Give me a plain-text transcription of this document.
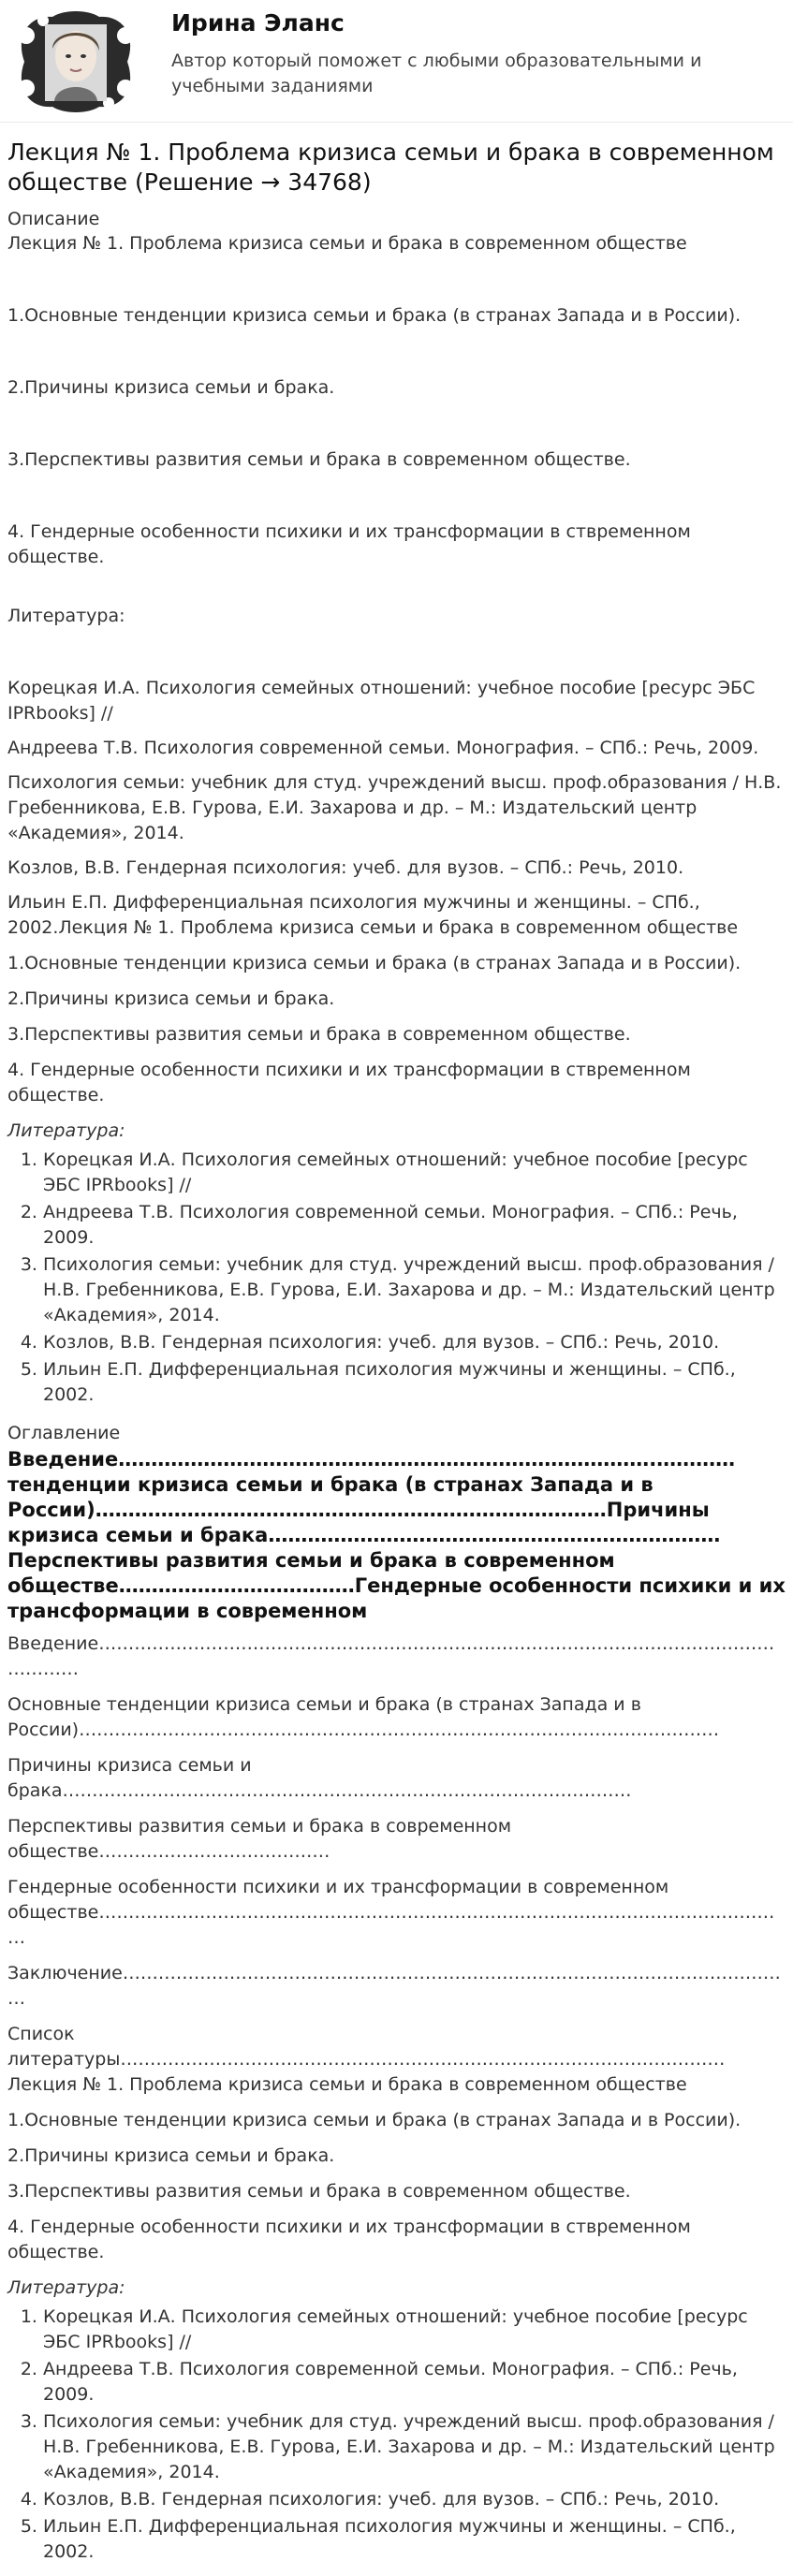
Ирина Эланс
Автор который поможет с любыми образовательными и учебными заданиями
Лекция № 1. Проблема кризиса семьи и брака в современном обществе (Решение → 34768)
Описание

Лекция № 1. Проблема кризиса семьи и брака в современном обществе

1.Основные тенденции кризиса семьи и брака (в странах Запада и в России).

2.Причины кризиса семьи и брака.

3.Перспективы развития семьи и брака в современном обществе.

4. Гендерные особенности психики и их трансформации в ствременном обществе.

Литература:

Корецкая И.А. Психология семейных отношений: учебное пособие [ресурс ЭБС IPRbooks] //

Андреева Т.В. Психология современной семьи. Монография. – СПб.: Речь, 2009.

Психология семьи: учебник для студ. учреждений высш. проф.образования / Н.В. Гребенникова, Е.В. Гурова, Е.И. Захарова и др. – М.: Издательский центр «Академия», 2014.

Козлов, В.В. Гендерная психология: учеб. для вузов. – СПб.: Речь, 2010.

Ильин Е.П. Дифференциальная психология мужчины и женщины. – СПб., 2002.Лекция № 1. Проблема кризиса семьи и брака в современном обществе

1.Основные тенденции кризиса семьи и брака (в странах Запада и в России).

2.Причины кризиса семьи и брака.

3.Перспективы развития семьи и брака в современном обществе.

4. Гендерные особенности психики и их трансформации в ствременном обществе.

Литература:
1. Корецкая И.А. Психология семейных отношений: учебное пособие [ресурс ЭБС IPRbooks] //
2. Андреева Т.В. Психология современной семьи. Монография. – СПб.: Речь, 2009.
3. Психология семьи: учебник для студ. учреждений высш. проф.образования / Н.В. Гребенникова, Е.В. Гурова, Е.И. Захарова и др. – М.: Издательский центр «Академия», 2014.
4. Козлов, В.В. Гендерная психология: учеб. для вузов. – СПб.: Речь, 2010.
5. Ильин Е.П. Дифференциальная психология мужчины и женщины. – СПб., 2002.
Оглавление
Введение……………………………………………………………………….…………тенденции кризиса семьи и брака (в странах Запада и в России)……………………………………………………………………Причины кризиса семьи и брака……………………………………………………………Перспективы развития семьи и брака в современном обществе………………………………Гендерные особенности психики и их трансформации в современном

Введение………………………………………………………………………………………………………………

Основные тенденции кризиса семьи и брака (в странах Запада и в России)………………………………………………………………………………………………

Причины кризиса семьи и брака……………………………………………………………………………………

Перспективы развития семьи и брака в современном обществе…………………………………

Гендерные особенности психики и их трансформации в современном обществе………………………………………………………………………………………………………

Заключение……………………………………………………………………………………………………

Список литературы…………………………………………………………………………………………Лекция № 1. Проблема кризиса семьи и брака в современном обществе

1.Основные тенденции кризиса семьи и брака (в странах Запада и в России).

2.Причины кризиса семьи и брака.

3.Перспективы развития семьи и брака в современном обществе.

4. Гендерные особенности психики и их трансформации в ствременном обществе.

Литература:
1. Корецкая И.А. Психология семейных отношений: учебное пособие [ресурс ЭБС IPRbooks] //
2. Андреева Т.В. Психология современной семьи. Монография. – СПб.: Речь, 2009.
3. Психология семьи: учебник для студ. учреждений высш. проф.образования / Н.В. Гребенникова, Е.В. Гурова, Е.И. Захарова и др. – М.: Издательский центр «Академия», 2014.
4. Козлов, В.В. Гендерная психология: учеб. для вузов. – СПб.: Речь, 2010.
5. Ильин Е.П. Дифференциальная психология мужчины и женщины. – СПб., 2002.
